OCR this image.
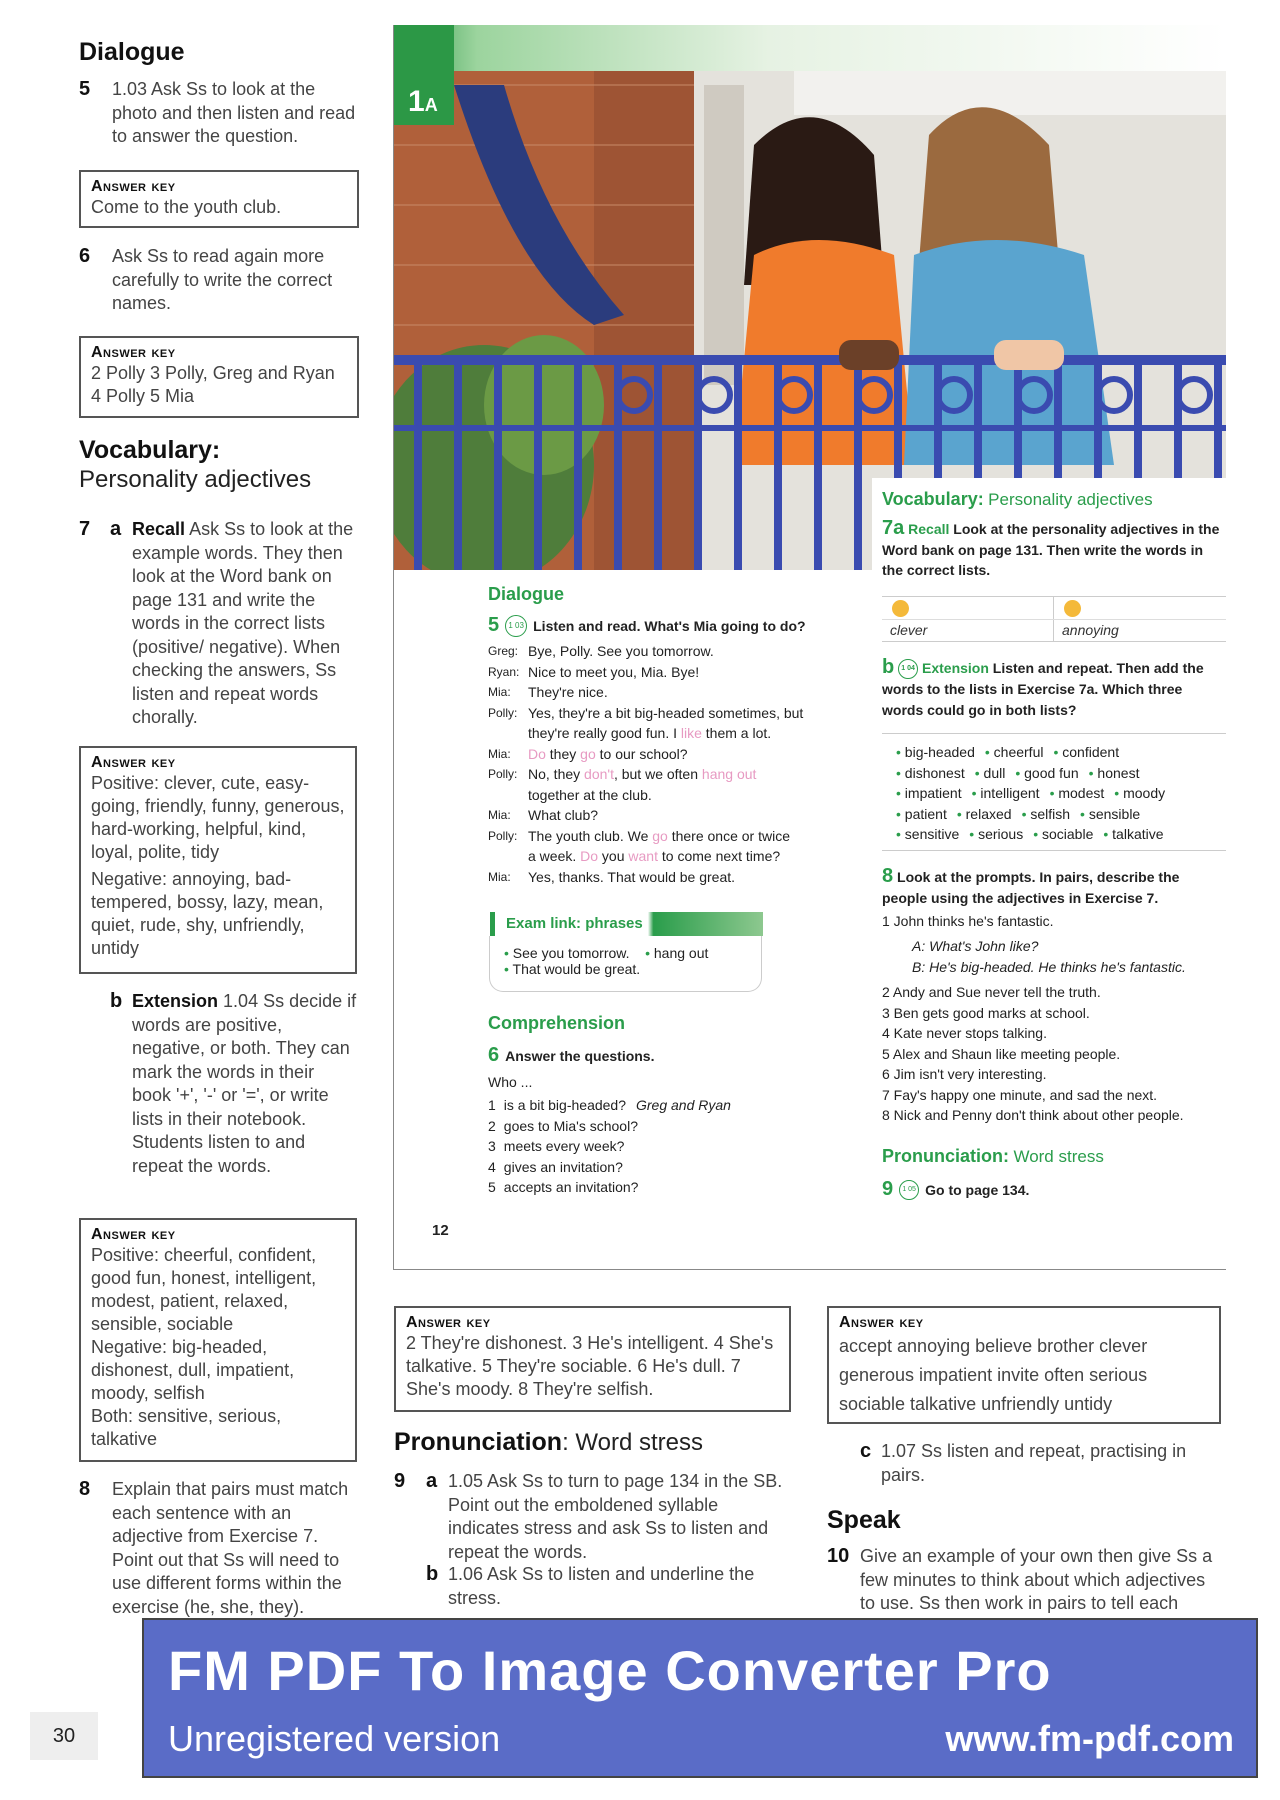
Dialogue
5 1.03 Ask Ss to look at the photo and then listen and read to answer the question.
Answer key
Come to the youth club.
6 Ask Ss to read again more carefully to write the correct names.
Answer key
2 Polly 3 Polly, Greg and Ryan
4 Polly 5 Mia
Vocabulary:
Personality adjectives
7 a Recall Ask Ss to look at the example words. They then look at the Word bank on page 131 and write the words in the correct lists (positive/ negative). When checking the answers, Ss listen and repeat words chorally.
Answer key
Positive: clever, cute, easy-going, friendly, funny, generous, hard-working, helpful, kind, loyal, polite, tidy
Negative: annoying, bad-tempered, bossy, lazy, mean, quiet, rude, shy, unfriendly, untidy
b Extension 1.04 Ss decide if words are positive, negative, or both. They can mark the words in their book '+', '-' or '=', or write lists in their notebook.
Students listen to and repeat the words.
Answer key
Positive: cheerful, confident, good fun, honest, intelligent, modest, patient, relaxed, sensible, sociable
Negative: big-headed, dishonest, dull, impatient, moody, selfish
Both: sensitive, serious, talkative
8 Explain that pairs must match each sentence with an adjective from Exercise 7. Point out that Ss will need to use different forms within the exercise (he, she, they).
30
1A
Dialogue
5	1 03 Listen and read. What's Mia going to do?
Greg: Bye, Polly. See you tomorrow.
Ryan: Nice to meet you, Mia. Bye!
Mia:	They're nice.
Polly: Yes, they're a bit big-headed sometimes, but
they're really good fun. I like them a lot.
Mia:	Do they go to our school?
Polly: No, they don't, but we often hang out
together at the club.
Mia:	What club?
Polly: The youth club. We go there once or twice
a week. Do you want to come next time?
Mia:	Yes, thanks. That would be great.
Exam link: phrases
• See you tomorrow. • hang out
• That would be great.
Comprehension
6 Answer the questions.
Who ...
1 is a bit big-headed? Greg and Ryan
2 goes to Mia's school?
3 meets every week?
4 gives an invitation?
5 accepts an invitation?
12
Vocabulary: Personality adjectives
7a Recall Look at the personality adjectives in the Word bank on page 131. Then write the words in the correct lists.
clever	annoying
b 1 04 Extension Listen and repeat. Then add the words to the lists in Exercise 7a. Which three words could go in both lists?
• big-headed • cheerful • confident
• dishonest • dull • good fun • honest
• impatient • intelligent • modest • moody
• patient • relaxed • selfish • sensible
• sensitive • serious • sociable • talkative
8 Look at the prompts. In pairs, describe the people using the adjectives in Exercise 7.
1 John thinks he's fantastic.
A: What's John like?
B: He's big-headed. He thinks he's fantastic.
2 Andy and Sue never tell the truth.
3 Ben gets good marks at school.
4 Kate never stops talking.
5 Alex and Shaun like meeting people.
6 Jim isn't very interesting.
7 Fay's happy one minute, and sad the next.
8 Nick and Penny don't think about other people.
Pronunciation: Word stress
9	1 05 Go to page 134.
Answer key
2 They're dishonest. 3 He's intelligent. 4 She's talkative. 5 They're sociable. 6 He's dull. 7 She's moody. 8 They're selfish.
Pronunciation: Word stress
9 a 1.05 Ask Ss to turn to page 134 in the SB. Point out the emboldened syllable indicates stress and ask Ss to listen and repeat the words.
b 1.06 Ask Ss to listen and underline the stress.
Answer key
accept annoying believe brother clever
generous impatient invite often serious
sociable talkative unfriendly untidy
c 1.07 Ss listen and repeat, practising in pairs.
Speak
10 Give an example of your own then give Ss a few minutes to think about which adjectives to use. Ss then work in pairs to tell each
FM PDF To Image Converter Pro
Unregistered version	www.fm-pdf.com
